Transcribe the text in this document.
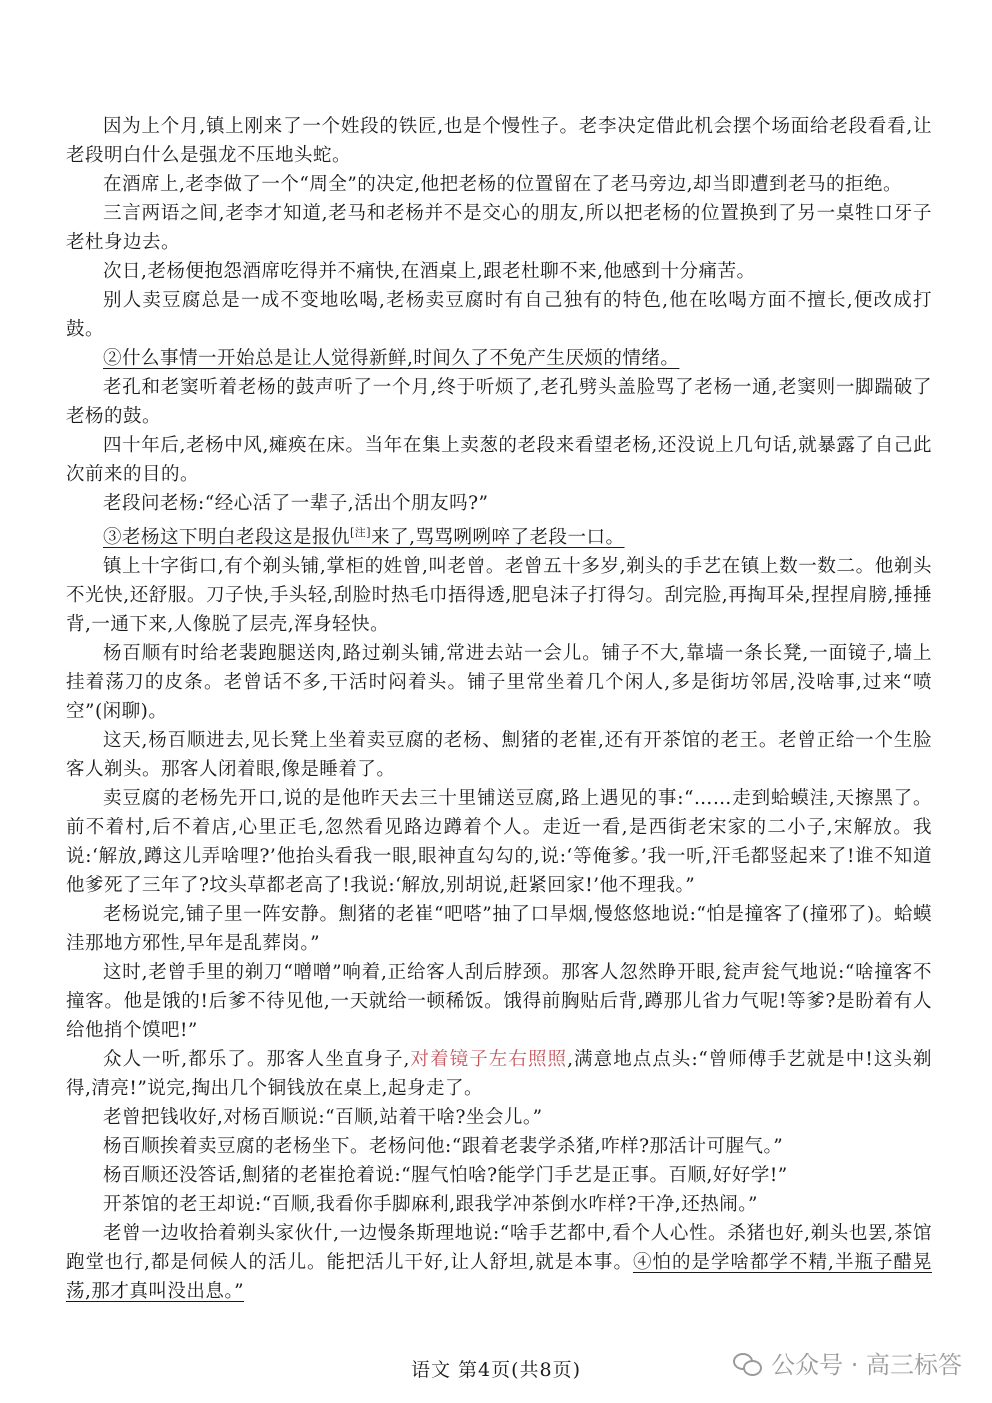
因为上个月,镇上刚来了一个姓段的铁匠,也是个慢性子。老李决定借此机会摆个场面给老段看看,让老段明白什么是强龙不压地头蛇。

在酒席上,老李做了一个“周全”的决定,他把老杨的位置留在了老马旁边,却当即遭到老马的拒绝。

三言两语之间,老李才知道,老马和老杨并不是交心的朋友,所以把老杨的位置换到了另一桌牲口牙子老杜身边去。

次日,老杨便抱怨酒席吃得并不痛快,在酒桌上,跟老杜聊不来,他感到十分痛苦。

别人卖豆腐总是一成不变地吆喝,老杨卖豆腐时有自己独有的特色,他在吆喝方面不擅长,便改成打鼓。

②什么事情一开始总是让人觉得新鲜,时间久了不免产生厌烦的情绪。

老孔和老窦听着老杨的鼓声听了一个月,终于听烦了,老孔劈头盖脸骂了老杨一通,老窦则一脚踹破了老杨的鼓。

四十年后,老杨中风,瘫痪在床。当年在集上卖葱的老段来看望老杨,还没说上几句话,就暴露了自己此次前来的目的。

老段问老杨:“经心活了一辈子,活出个朋友吗?”

③老杨这下明白老段这是报仇[注]来了,骂骂咧咧啐了老段一口。

镇上十字街口,有个剃头铺,掌柜的姓曾,叫老曾。老曾五十多岁,剃头的手艺在镇上数一数二。他剃头不光快,还舒服。刀子快,手头轻,刮脸时热毛巾捂得透,肥皂沫子打得匀。刮完脸,再掏耳朵,捏捏肩膀,捶捶背,一通下来,人像脱了层壳,浑身轻快。

杨百顺有时给老裴跑腿送肉,路过剃头铺,常进去站一会儿。铺子不大,靠墙一条长凳,一面镜子,墙上挂着荡刀的皮条。老曾话不多,干活时闷着头。铺子里常坐着几个闲人,多是街坊邻居,没啥事,过来“喷空”(闲聊)。

这天,杨百顺进去,见长凳上坐着卖豆腐的老杨、劁猪的老崔,还有开茶馆的老王。老曾正给一个生脸客人剃头。那客人闭着眼,像是睡着了。

卖豆腐的老杨先开口,说的是他昨天去三十里铺送豆腐,路上遇见的事:“……走到蛤蟆洼,天擦黑了。前不着村,后不着店,心里正毛,忽然看见路边蹲着个人。走近一看,是西街老宋家的二小子,宋解放。我说:‘解放,蹲这儿弄啥哩?’他抬头看我一眼,眼神直勾勾的,说:‘等俺爹。’我一听,汗毛都竖起来了!谁不知道他爹死了三年了?坟头草都老高了!我说:‘解放,别胡说,赶紧回家!’他不理我。”

老杨说完,铺子里一阵安静。劁猪的老崔“吧嗒”抽了口旱烟,慢悠悠地说:“怕是撞客了(撞邪了)。蛤蟆洼那地方邪性,早年是乱葬岗。”

这时,老曾手里的剃刀“噌噌”响着,正给客人刮后脖颈。那客人忽然睁开眼,瓮声瓮气地说:“啥撞客不撞客。他是饿的!后爹不待见他,一天就给一顿稀饭。饿得前胸贴后背,蹲那儿省力气呢!等爹?是盼着有人给他捎个馍吧!”

众人一听,都乐了。那客人坐直身子,对着镜子左右照照,满意地点点头:“曾师傅手艺就是中!这头剃得,清亮!”说完,掏出几个铜钱放在桌上,起身走了。

老曾把钱收好,对杨百顺说:“百顺,站着干啥?坐会儿。”

杨百顺挨着卖豆腐的老杨坐下。老杨问他:“跟着老裴学杀猪,咋样?那活计可腥气。”

杨百顺还没答话,劁猪的老崔抢着说:“腥气怕啥?能学门手艺是正事。百顺,好好学!”

开茶馆的老王却说:“百顺,我看你手脚麻利,跟我学冲茶倒水咋样?干净,还热闹。”

老曾一边收拾着剃头家伙什,一边慢条斯理地说:“啥手艺都中,看个人心性。杀猪也好,剃头也罢,茶馆跑堂也行,都是伺候人的活儿。能把活儿干好,让人舒坦,就是本事。④怕的是学啥都学不精,半瓶子醋晃荡,那才真叫没出息。”

语文 第4页(共8页)	公众号 · 高三标答
